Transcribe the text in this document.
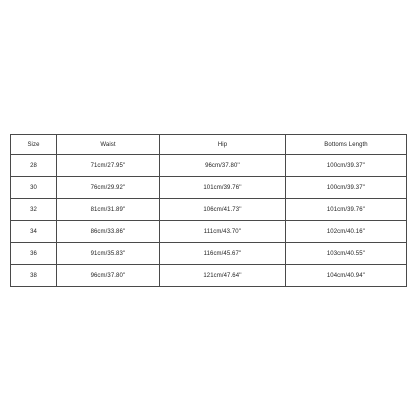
Size	Waist	Hip	Bottoms Length
28	71cm/27.95''	96cm/37.80''	100cm/39.37''
30	76cm/29.92''	101cm/39.76''	100cm/39.37''
32	81cm/31.89''	106cm/41.73''	101cm/39.76''
34	86cm/33.86''	111cm/43.70''	102cm/40.16''
36	91cm/35.83''	116cm/45.67''	103cm/40.55''
38	96cm/37.80''	121cm/47.64''	104cm/40.94''
